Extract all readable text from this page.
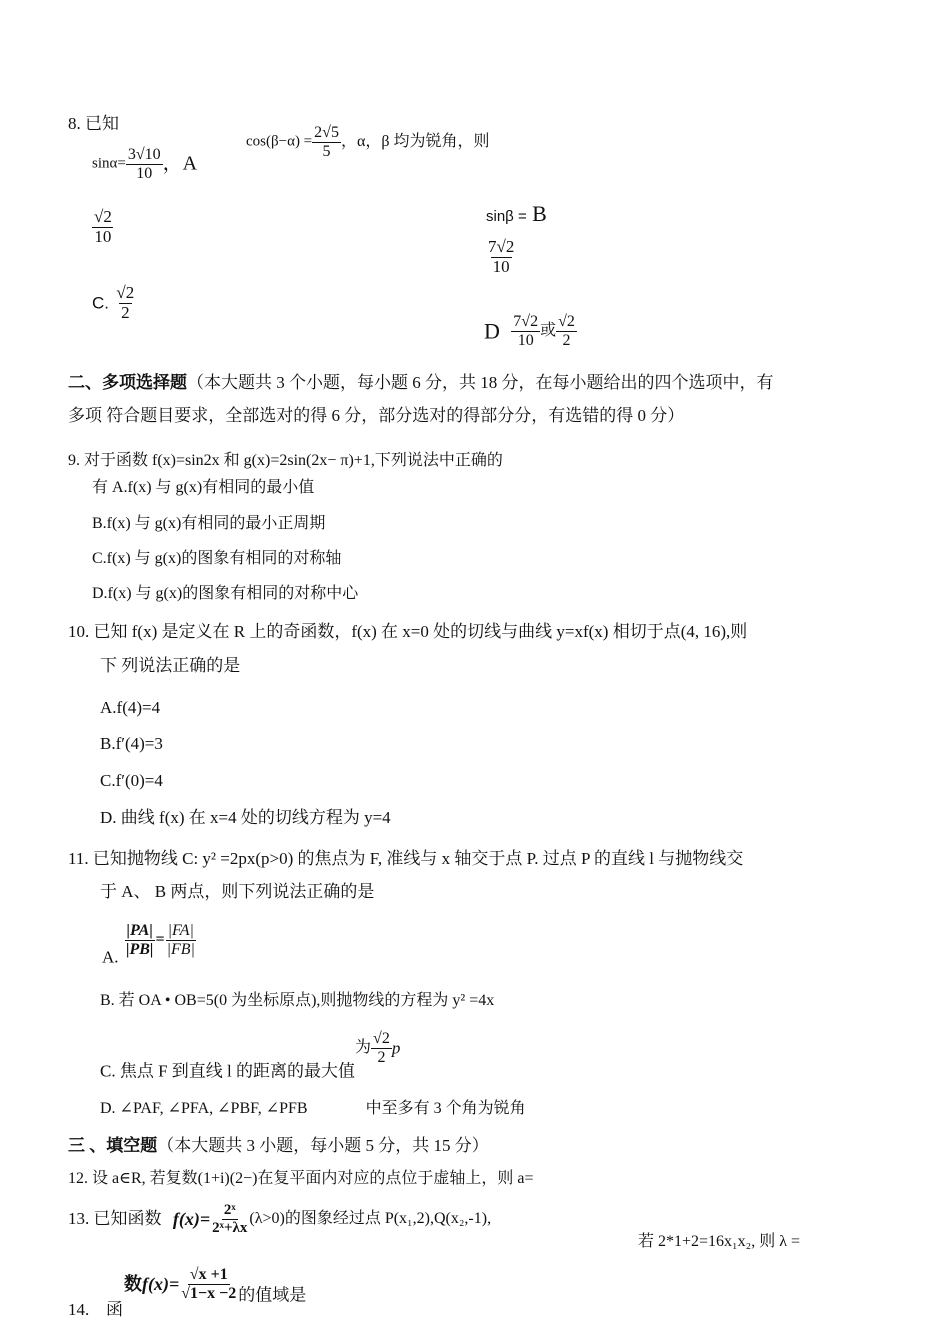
8. 已知
$\sin\alpha= \frac{3√10}{10}$ ，A
$\cos(\beta-\alpha) = \frac{2√5}{5}$ ，α，β 均为锐角，则
sinβ = B
$\frac{√2}{10}$
$\frac{7√2}{10}$
C. $\frac{√2}{2}$
D $\frac{7√2}{10}$ 或 $\frac{√2}{2}$
二、多项选择题（本大题共 3 个小题，每小题 6 分，共 18 分，在每小题给出的四个选项中，有
多项 符合题目要求，全部选对的得 6 分，部分选对的得部分分，有选错的得 0 分）
9. 对于函数 f(x)=sin2x 和 g(x)=2sin(2x− π)+1,下列说法中正确的
有 A.f(x) 与 g(x)有相同的最小值
B.f(x) 与 g(x)有相同的最小正周期
C.f(x) 与 g(x)的图象有相同的对称轴
D.f(x) 与 g(x)的图象有相同的对称中心
10. 已知 f(x) 是定义在 R 上的奇函数，f(x) 在 x=0 处的切线与曲线 y=xf(x) 相切于点(4, 16),则
下 列说法正确的是
A.f(4)=4
B.f′(4)=3
C.f′(0)=4
D. 曲线 f(x) 在 x=4 处的切线方程为 y=4
11. 已知抛物线 C: y² =2px(p>0) 的焦点为 F, 准线与 x 轴交于点 P. 过点 P 的直线 l 与抛物线交
于 A、 B 两点，则下列说法正确的是
A. $\frac{|PA|}{|PB|} = \frac{|FA|}{|FB|}$
B. 若 OA • OB=5(0 为坐标原点),则抛物线的方程为 y² =4x
C. 焦点 F 到直线 l 的距离的最大值为 $\frac{√2}{2}$ p
D. ∠PAF, ∠PFA, ∠PBF, ∠PFB	中至多有 3 个角为锐角
三 、填空题（本大题共 3 小题，每小题 5 分，共 15 分）
12. 设 a∈R, 若复数(1+i)(2−)在复平面内对应的点位于虚轴上，则 a=
13. 已知函数 $f(x)= \frac{\text{2ˣ}}{\text{2ˣ+λx}} (\lambda>0)$的图象经过点 P(x₁,2),Q(x₂,-1),
若 2*1+2=16x₁x₂, 则 λ =
14. 函
数$f(x)= \frac{√x +1}{√1-x -2}$ 的值域是
